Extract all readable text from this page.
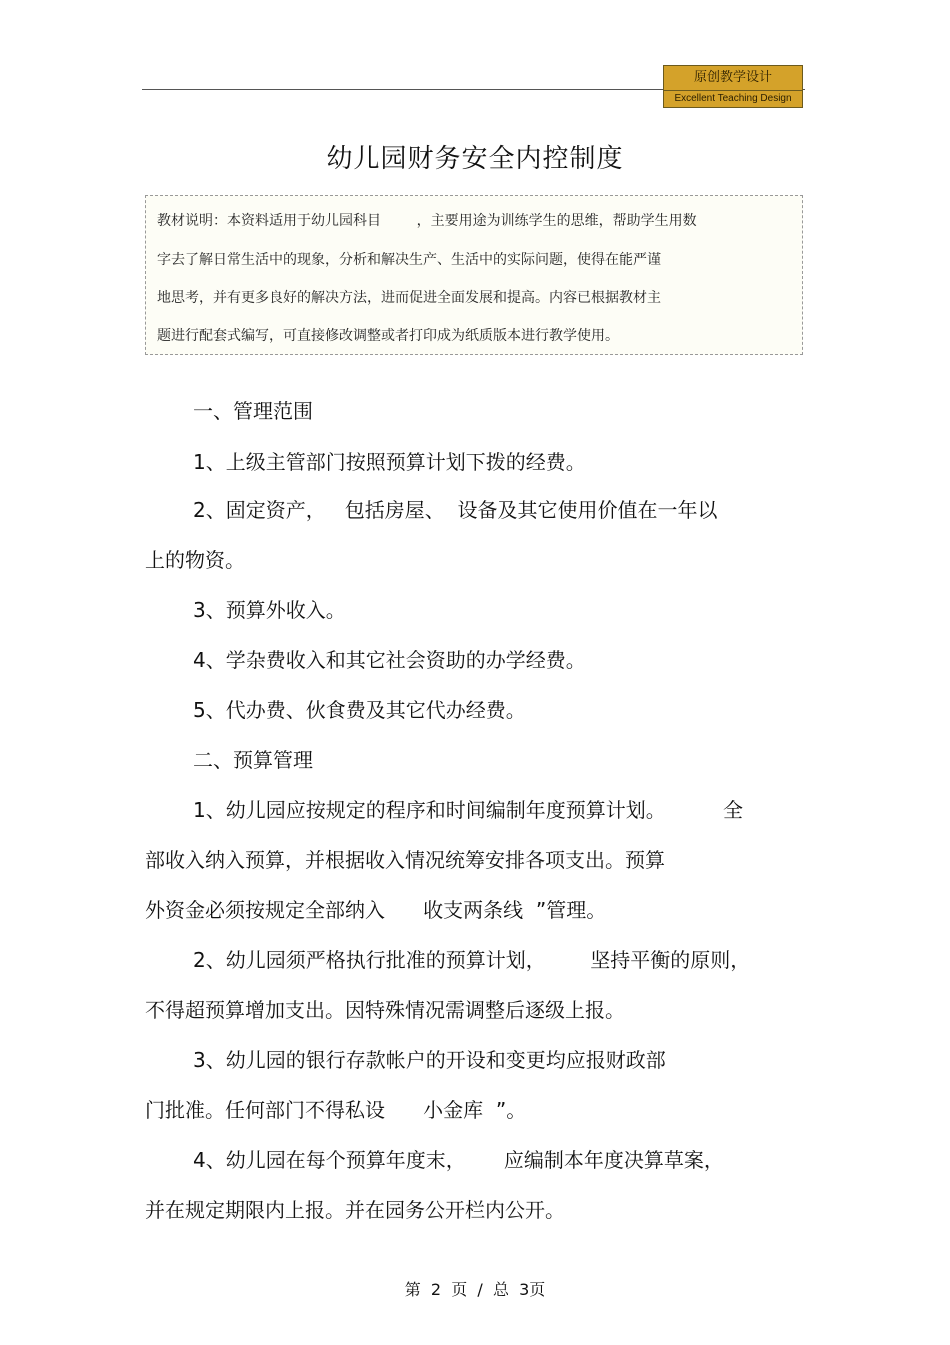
原创教学设计
Excellent Teaching Design
幼儿园财务安全内控制度
教材说明：本资料适用于幼儿园科目        ，主要用途为训练学生的思维，帮助学生用数
字去了解日常生活中的现象，分析和解决生产、生活中的实际问题，使得在能严谨
地思考，并有更多良好的解决方法，进而促进全面发展和提高。内容已根据教材主
题进行配套式编写，可直接修改调整或者打印成为纸质版本进行教学使用。
一、管理范围
1、上级主管部门按照预算计划下拨的经费。
2、固定资产，   包括房屋、  设备及其它使用价值在一年以
上的物资。
3、预算外收入。
4、学杂费收入和其它社会资助的办学经费。
5、代办费、伙食费及其它代办经费。
二、预算管理
1、幼儿园应按规定的程序和时间编制年度预算计划。         全
部收入纳入预算，并根据收入情况统筹安排各项支出。预算
外资金必须按规定全部纳入      收支两条线  ”管理。
2、幼儿园须严格执行批准的预算计划，       坚持平衡的原则，
不得超预算增加支出。因特殊情况需调整后逐级上报。
3、幼儿园的银行存款帐户的开设和变更均应报财政部
门批准。任何部门不得私设      小金库  ”。
4、幼儿园在每个预算年度末，      应编制本年度决算草案，
并在规定期限内上报。并在园务公开栏内公开。
第  2  页  /  总  3页
